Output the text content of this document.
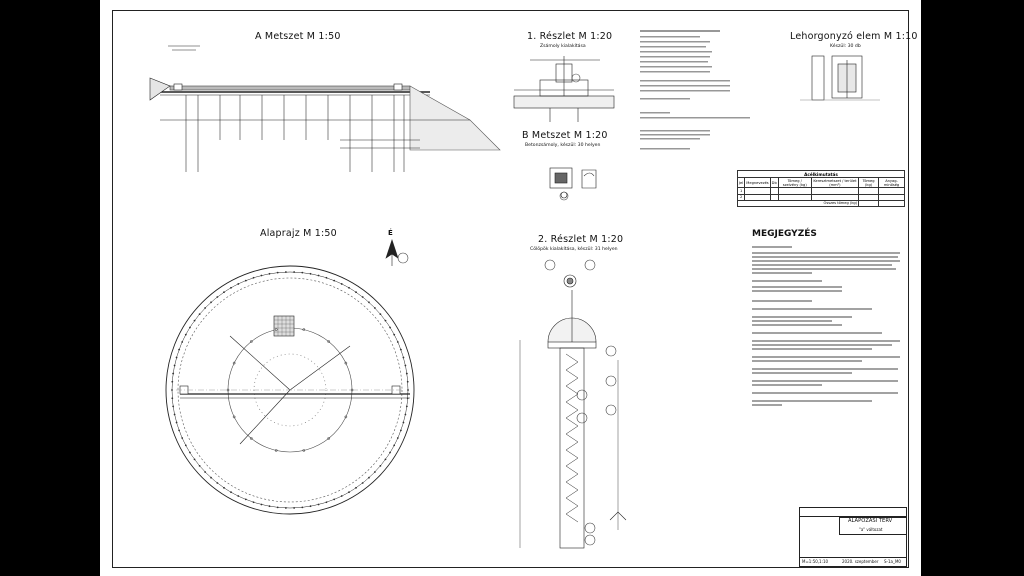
A Metszet M 1:50	1. Részlet M 1:20
Zsámoly kialakítása
B Metszet M 1:20
Betonzsámoly, készül: 30 helyen
Lehorgonyzó elem M 1:10
Készül: 30 db
Alaprajz M 1:50
2. Részlet M 1:20
Cölöpök kialakítása, készül: 31 helyen
É
Acélkimutatás						
Jel	Megnevezés	Db	Tömeg / szelvény (kg)	Keresztmetszet / terület (mm²)	Tömeg (kg)	Anyag-minőség
1						
2						
Összes tömeg (kg)						
MEGJEGYZÉS
ALAPOZÁSI TERV
"a" változat
M=1:50,1:10	2020. szeptember S-1a_M0
